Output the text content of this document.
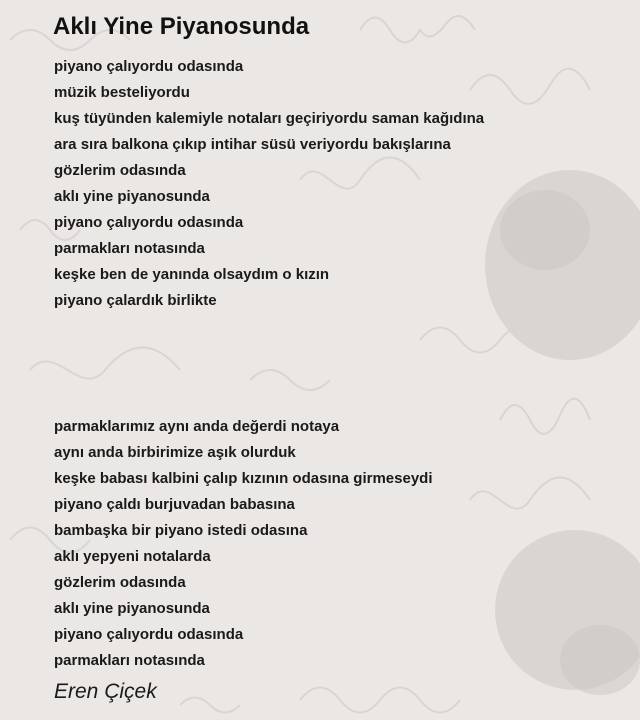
Aklı Yine Piyanosunda
piyano çalıyordu odasında
müzik besteliyordu
kuş tüyünden kalemiyle notaları geçiriyordu saman kağıdına
ara sıra balkona çıkıp intihar süsü veriyordu bakışlarına
gözlerim odasında
aklı yine piyanosunda
piyano çalıyordu odasında
parmakları notasında
keşke ben de yanında olsaydım o kızın
piyano çalardık birlikte
parmaklarımız aynı anda değerdi notaya
aynı anda birbirimize aşık olurduk
keşke babası kalbini çalıp kızının odasına girmeseydi
piyano çaldı burjuvadan babasına
bambaşka bir piyano istedi odasına
aklı yepyeni notalarda
gözlerim odasında
aklı yine piyanosunda
piyano çalıyordu odasında
parmakları notasında

Eren Çiçek
